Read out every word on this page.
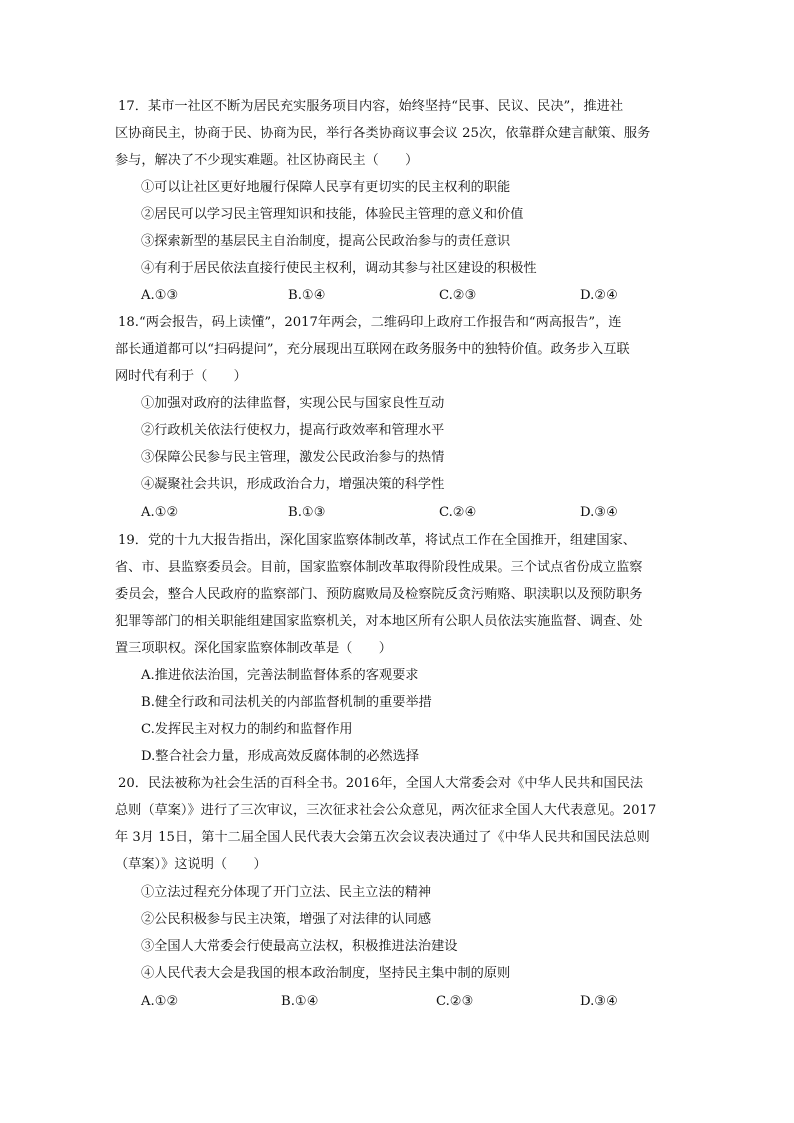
17．某市一社区不断为居民充实服务项目内容，始终坚持“民事、民议、民决”，推进社
区协商民主，协商于民、协商为民，举行各类协商议事会议 25次，依靠群众建言献策、服务
参与，解决了不少现实难题。社区协商民主（　　）
①可以让社区更好地履行保障人民享有更切实的民主权利的职能
②居民可以学习民主管理知识和技能，体验民主管理的意义和价值
③探索新型的基层民主自治制度，提高公民政治参与的责任意识
④有利于居民依法直接行使民主权利，调动其参与社区建设的积极性
A.①③	B.①④	C.②③	D.②④
18.“两会报告，码上读懂”，2017年两会，二维码印上政府工作报告和“两高报告”，连
部长通道都可以“扫码提问”，充分展现出互联网在政务服务中的独特价值。政务步入互联
网时代有利于（　　）
①加强对政府的法律监督，实现公民与国家良性互动
②行政机关依法行使权力，提高行政效率和管理水平
③保障公民参与民主管理，激发公民政治参与的热情
④凝聚社会共识，形成政治合力，增强决策的科学性
A.①②	B.①③	C.②④	D.③④
19．党的十九大报告指出，深化国家监察体制改革，将试点工作在全国推开，组建国家、
省、市、县监察委员会。目前，国家监察体制改革取得阶段性成果。三个试点省份成立监察
委员会，整合人民政府的监察部门、预防腐败局及检察院反贪污贿赂、职渎职以及预防职务
犯罪等部门的相关职能组建国家监察机关，对本地区所有公职人员依法实施监督、调查、处
置三项职权。深化国家监察体制改革是（　　）
A.推进依法治国，完善法制监督体系的客观要求
B.健全行政和司法机关的内部监督机制的重要举措
C.发挥民主对权力的制约和监督作用
D.整合社会力量，形成高效反腐体制的必然选择
20．民法被称为社会生活的百科全书。2016年，全国人大常委会对《中华人民共和国民法
总则（草案）》进行了三次审议，三次征求社会公众意见，两次征求全国人大代表意见。2017
年 3月 15日，第十二届全国人民代表大会第五次会议表决通过了《中华人民共和国民法总则
（草案）》这说明（　　）
①立法过程充分体现了开门立法、民主立法的精神
②公民积极参与民主决策，增强了对法律的认同感
③全国人大常委会行使最高立法权，积极推进法治建设
④人民代表大会是我国的根本政治制度，坚持民主集中制的原则
A.①②	B.①④	C.②③	D.③④
